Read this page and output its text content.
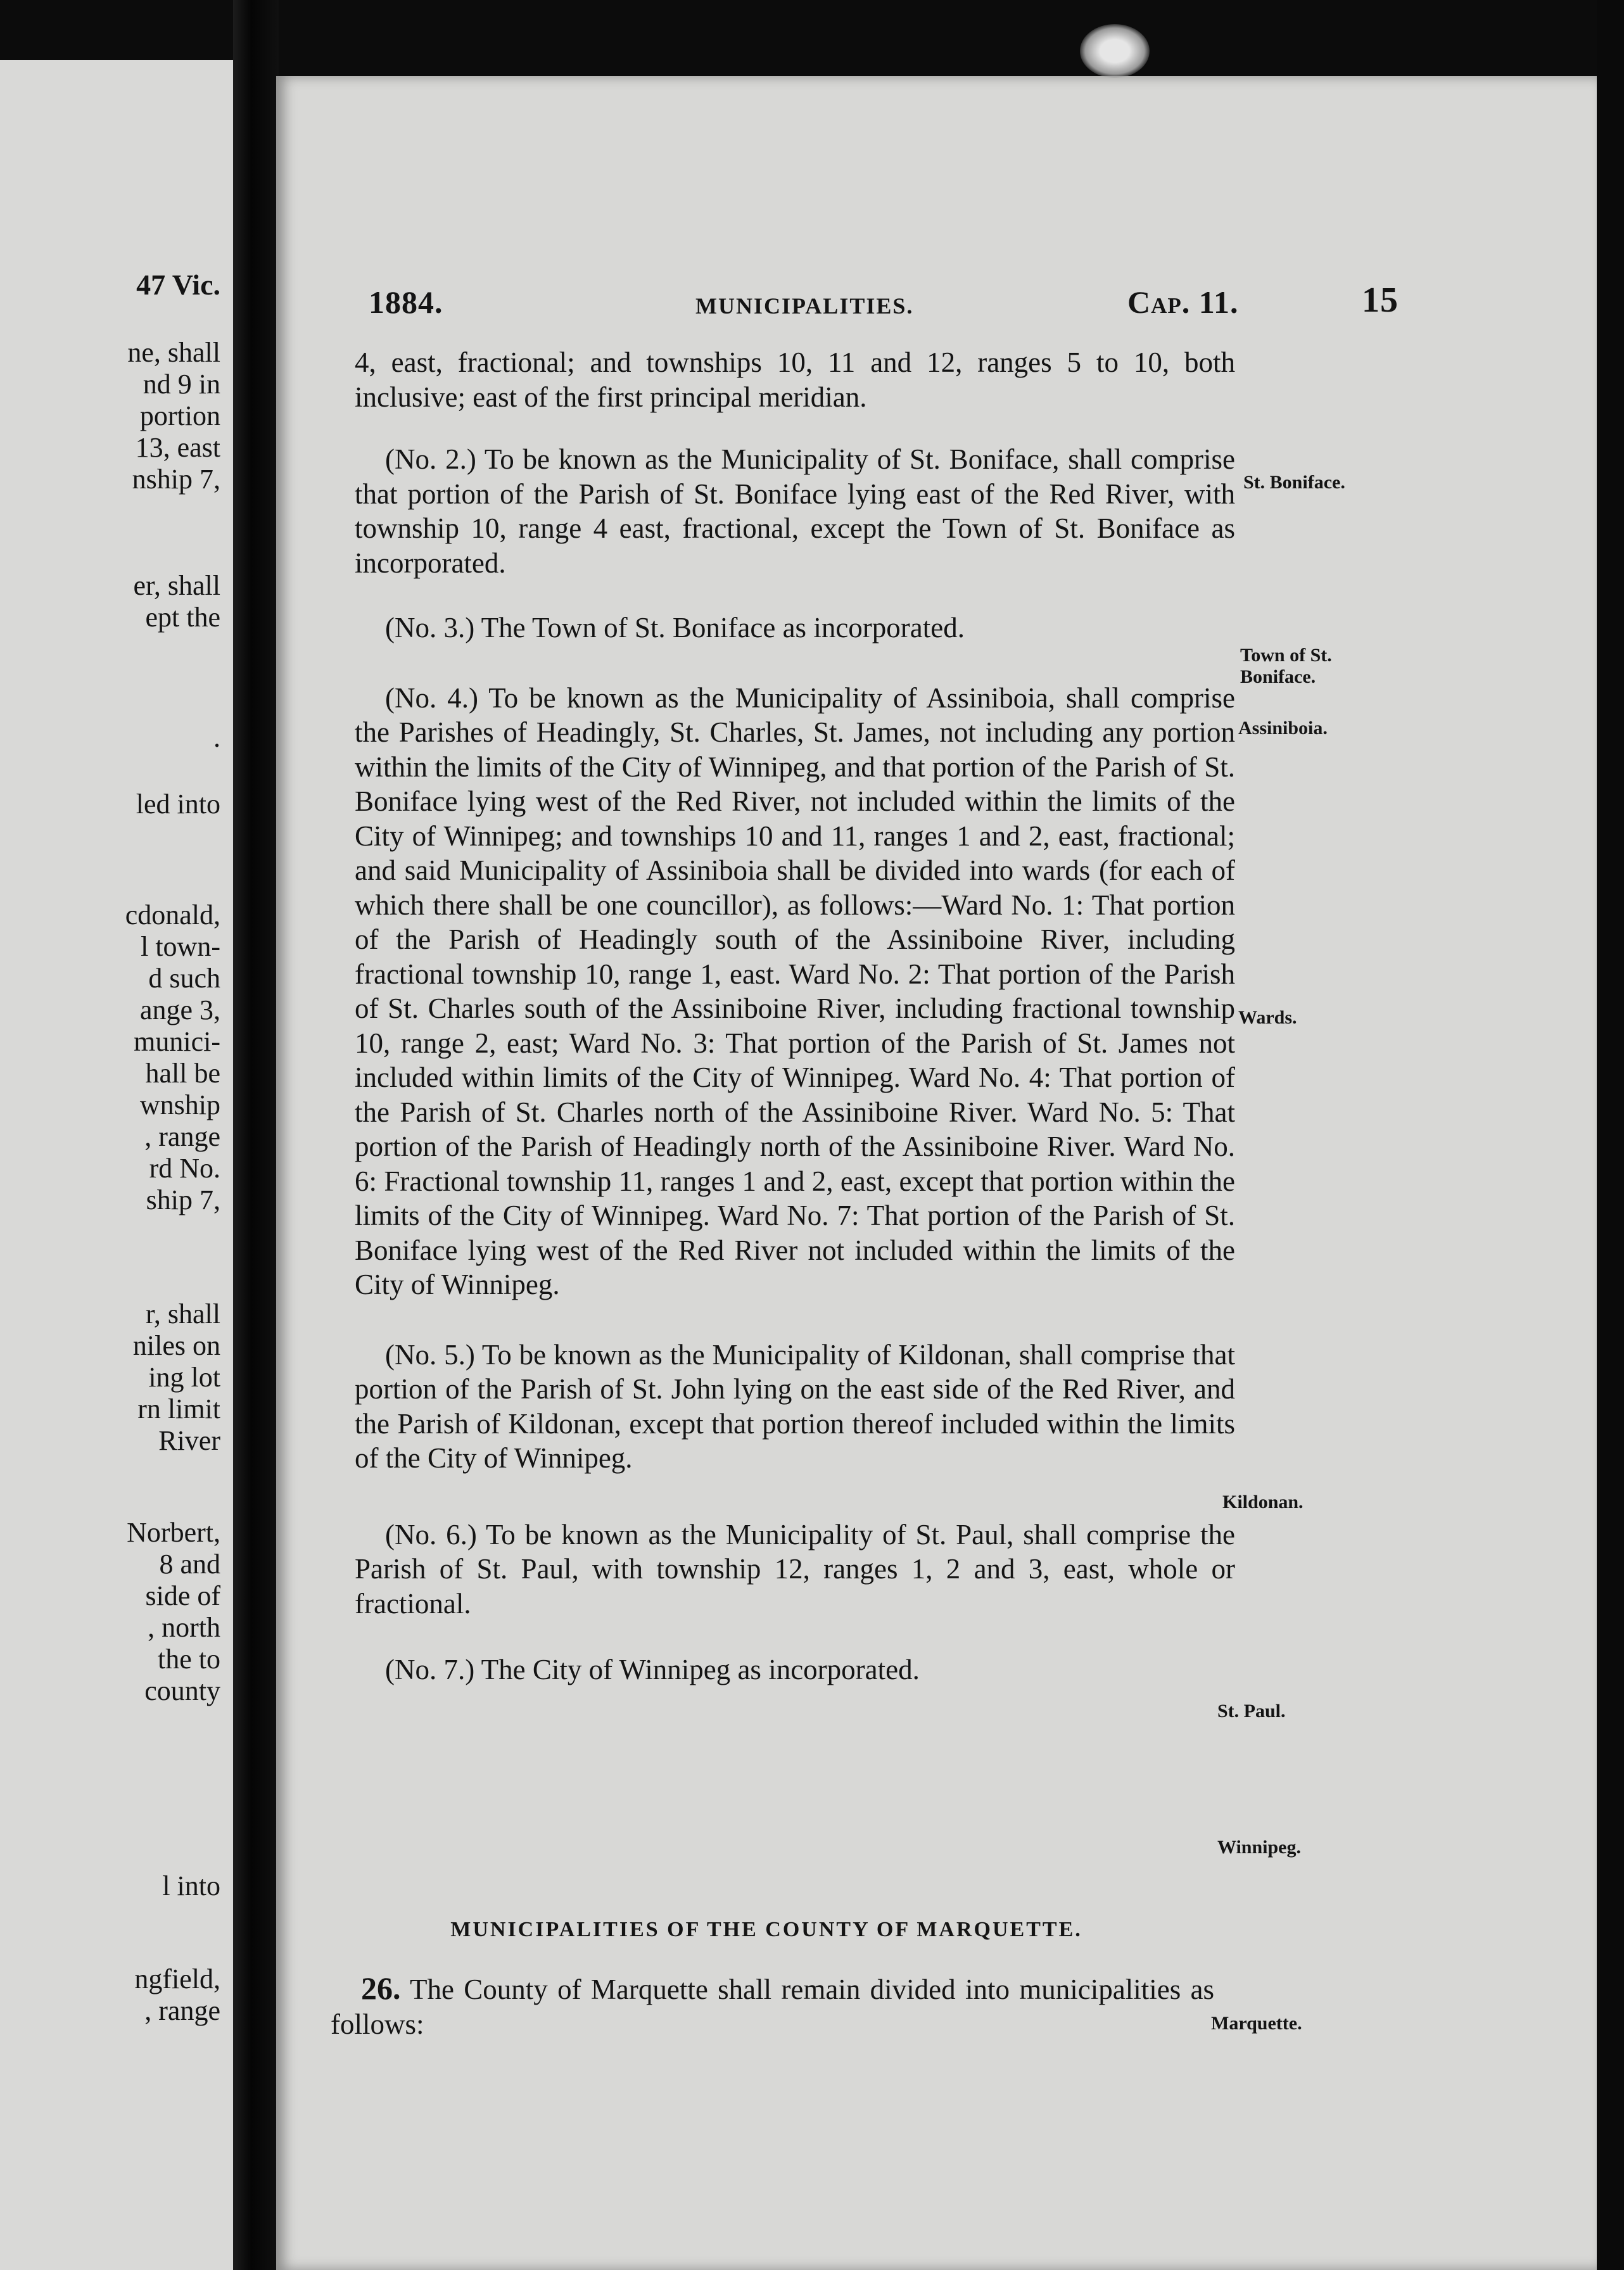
47 Vic.
ne, shall
nd 9 in
portion
13, east
nship 7,
er, shall
ept the
.
led into
cdonald,
l town-
d such
ange 3,
munici-
hall be
wnship
, range
rd No.
ship 7,
r, shall
niles on
ing lot
rn limit
River
Norbert,
8 and
side of
, north
the to
county
l into
ngfield,
, range
1884.	MUNICIPALITIES.	Cap. 11.	15

4, east, fractional; and townships 10, 11 and 12, ranges 5 to 10, both inclusive; east of the first principal meridian.

(No. 2.) To be known as the Municipality of St. Boniface, shall comprise that portion of the Parish of St. Boniface lying east of the Red River, with township 10, range 4 east, fractional, except the Town of St. Boniface as incorporated.

(No. 3.) The Town of St. Boniface as incorporated.

(No. 4.) To be known as the Municipality of Assiniboia, shall comprise the Parishes of Headingly, St. Charles, St. James, not including any portion within the limits of the City of Winnipeg, and that portion of the Parish of St. Boniface lying west of the Red River, not included within the limits of the City of Winnipeg; and townships 10 and 11, ranges 1 and 2, east, fractional; and said Municipality of Assiniboia shall be divided into wards (for each of which there shall be one councillor), as follows:—Ward No. 1: That portion of the Parish of Headingly south of the Assiniboine River, including fractional township 10, range 1, east. Ward No. 2: That portion of the Parish of St. Charles south of the Assiniboine River, including fractional township 10, range 2, east; Ward No. 3: That portion of the Parish of St. James not included within limits of the City of Winnipeg. Ward No. 4: That portion of the Parish of St. Charles north of the Assiniboine River. Ward No. 5: That portion of the Parish of Headingly north of the Assiniboine River. Ward No. 6: Fractional township 11, ranges 1 and 2, east, except that portion within the limits of the City of Winnipeg. Ward No. 7: That portion of the Parish of St. Boniface lying west of the Red River not included within the limits of the City of Winnipeg.

(No. 5.) To be known as the Municipality of Kildonan, shall comprise that portion of the Parish of St. John lying on the east side of the Red River, and the Parish of Kildonan, except that portion thereof included within the limits of the City of Winnipeg.

(No. 6.) To be known as the Municipality of St. Paul, shall comprise the Parish of St. Paul, with township 12, ranges 1, 2 and 3, east, whole or fractional.

(No. 7.) The City of Winnipeg as incorporated.

St. Boniface.
Town of St. Boniface.
Assiniboia.
Wards.
Kildonan.
St. Paul.
Winnipeg.
MUNICIPALITIES OF THE COUNTY OF MARQUETTE.

26. The County of Marquette shall remain divided into municipalities as follows:	Marquette.
